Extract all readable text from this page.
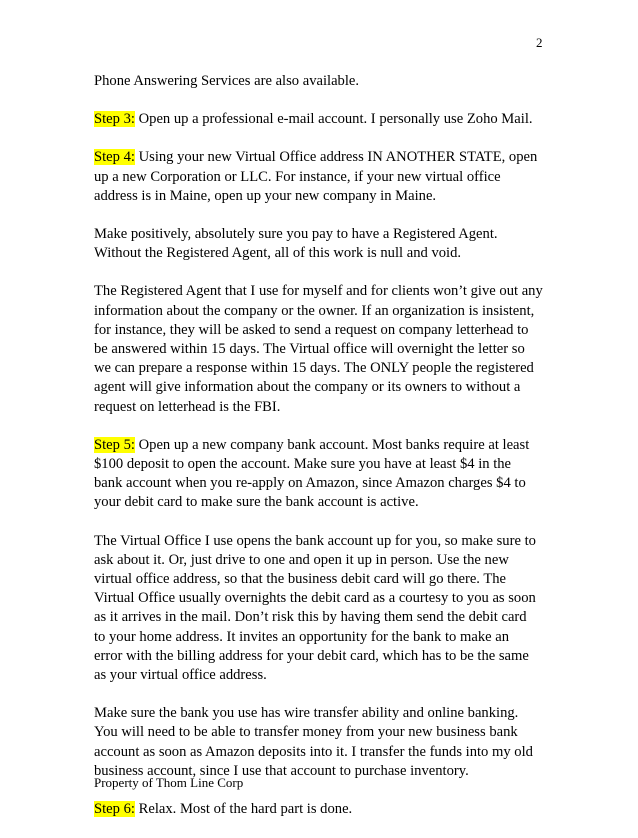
2

Phone Answering Services are also available.

Step 3: Open up a professional e-mail account. I personally use Zoho Mail.

Step 4: Using your new Virtual Office address IN ANOTHER STATE, open
up a new Corporation or LLC. For instance, if your new virtual office
address is in Maine, open up your new company in Maine.

Make positively, absolutely sure you pay to have a Registered Agent.
Without the Registered Agent, all of this work is null and void.

The Registered Agent that I use for myself and for clients won’t give out any
information about the company or the owner. If an organization is insistent,
for instance, they will be asked to send a request on company letterhead to
be answered within 15 days. The Virtual office will overnight the letter so
we can prepare a response within 15 days. The ONLY people the registered
agent will give information about the company or its owners to without a
request on letterhead is the FBI.

Step 5: Open up a new company bank account. Most banks require at least
$100 deposit to open the account. Make sure you have at least $4 in the
bank account when you re-apply on Amazon, since Amazon charges $4 to
your debit card to make sure the bank account is active.

The Virtual Office I use opens the bank account up for you, so make sure to
ask about it. Or, just drive to one and open it up in person. Use the new
virtual office address, so that the business debit card will go there. The
Virtual Office usually overnights the debit card as a courtesy to you as soon
as it arrives in the mail. Don’t risk this by having them send the debit card
to your home address. It invites an opportunity for the bank to make an
error with the billing address for your debit card, which has to be the same
as your virtual office address.

Make sure the bank you use has wire transfer ability and online banking.
You will need to be able to transfer money from your new business bank
account as soon as Amazon deposits into it. I transfer the funds into my old
business account, since I use that account to purchase inventory.

Step 6: Relax. Most of the hard part is done.

Property of Thom Line Corp
